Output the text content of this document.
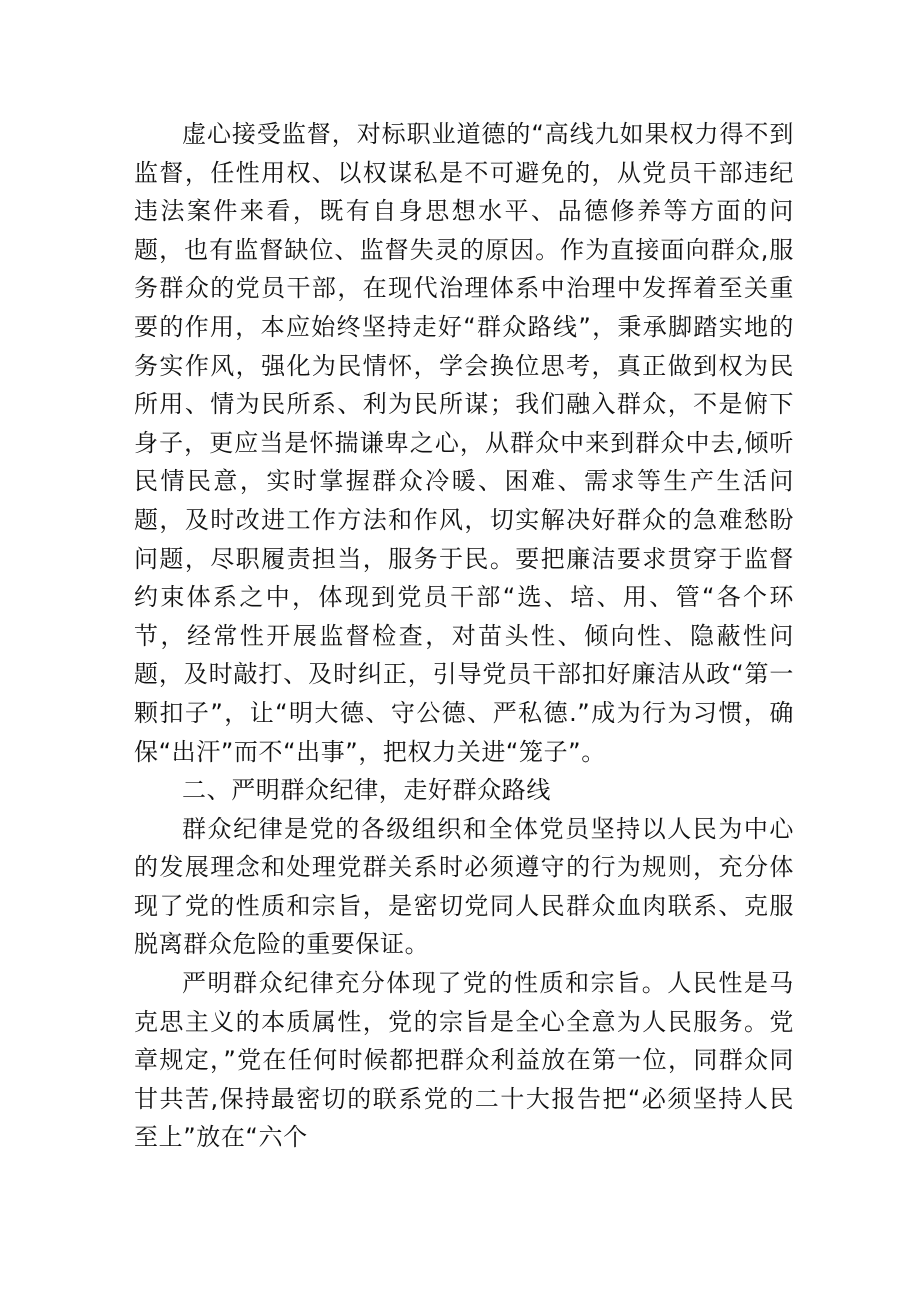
虚心接受监督，对标职业道德的“高线九如果权力得不到监督，任性用权、以权谋私是不可避免的，从党员干部违纪违法案件来看，既有自身思想水平、品德修养等方面的问题，也有监督缺位、监督失灵的原因。作为直接面向群众,服务群众的党员干部，在现代治理体系中治理中发挥着至关重要的作用，本应始终坚持走好“群众路线”，秉承脚踏实地的务实作风，强化为民情怀，学会换位思考，真正做到权为民所用、情为民所系、利为民所谋；我们融入群众，不是俯下身子，更应当是怀揣谦卑之心，从群众中来到群众中去,倾听民情民意，实时掌握群众冷暖、困难、需求等生产生活问题，及时改进工作方法和作风，切实解决好群众的急难愁盼问题，尽职履责担当，服务于民。要把廉洁要求贯穿于监督约束体系之中，体现到党员干部“选、培、用、管“各个环节，经常性开展监督检查，对苗头性、倾向性、隐蔽性问题，及时敲打、及时纠正，引导党员干部扣好廉洁从政“第一颗扣子”，让“明大德、守公德、严私德.”成为行为习惯，确保“出汗”而不“出事”，把权力关进“笼子”。

二、严明群众纪律，走好群众路线

群众纪律是党的各级组织和全体党员坚持以人民为中心的发展理念和处理党群关系时必须遵守的行为规则，充分体现了党的性质和宗旨，是密切党同人民群众血肉联系、克服脱离群众危险的重要保证。

严明群众纪律充分体现了党的性质和宗旨。人民性是马克思主义的本质属性，党的宗旨是全心全意为人民服务。党章规定，”党在任何时候都把群众利益放在第一位，同群众同甘共苦,保持最密切的联系党的二十大报告把“必须坚持人民至上”放在“六个
